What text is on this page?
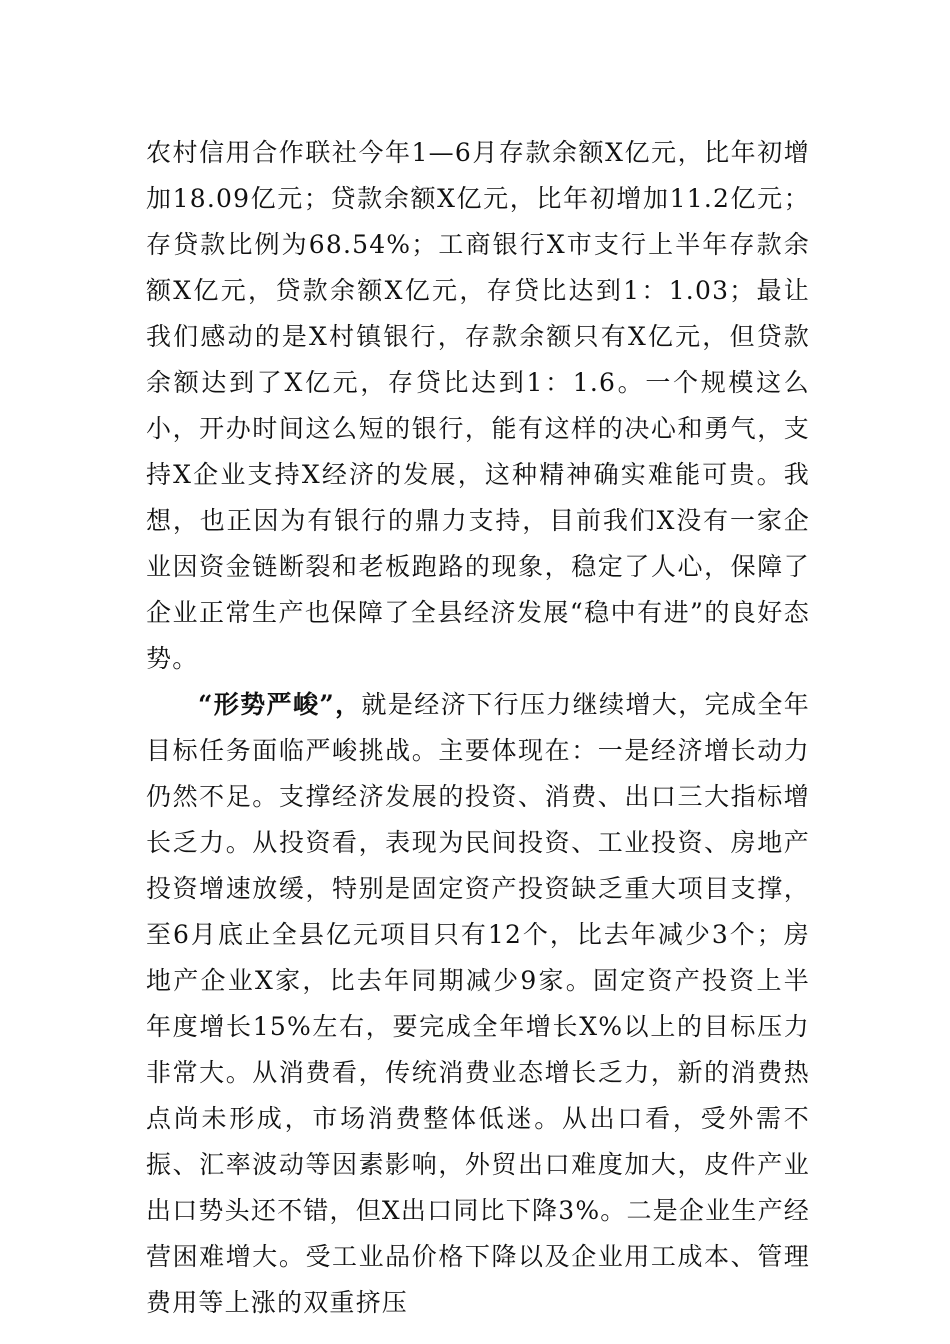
农村信用合作联社今年1—6月存款余额X亿元，比年初增加18.09亿元；贷款余额X亿元，比年初增加11.2亿元；存贷款比例为68.54%；工商银行X市支行上半年存款余额X亿元，贷款余额X亿元，存贷比达到1：1.03；最让我们感动的是X村镇银行，存款余额只有X亿元，但贷款余额达到了X亿元，存贷比达到1：1.6。一个规模这么小，开办时间这么短的银行，能有这样的决心和勇气，支持X企业支持X经济的发展，这种精神确实难能可贵。我想，也正因为有银行的鼎力支持，目前我们X没有一家企业因资金链断裂和老板跑路的现象，稳定了人心，保障了企业正常生产也保障了全县经济发展“稳中有进”的良好态势。

“形势严峻”，就是经济下行压力继续增大，完成全年目标任务面临严峻挑战。主要体现在：一是经济增长动力仍然不足。支撑经济发展的投资、消费、出口三大指标增长乏力。从投资看，表现为民间投资、工业投资、房地产投资增速放缓，特别是固定资产投资缺乏重大项目支撑，至6月底止全县亿元项目只有12个，比去年减少3个；房地产企业X家，比去年同期减少9家。固定资产投资上半年度增长15%左右，要完成全年增长X%以上的目标压力非常大。从消费看，传统消费业态增长乏力，新的消费热点尚未形成，市场消费整体低迷。从出口看，受外需不振、汇率波动等因素影响，外贸出口难度加大，皮件产业出口势头还不错，但X出口同比下降3%。二是企业生产经营困难增大。受工业品价格下降以及企业用工成本、管理费用等上涨的双重挤压
